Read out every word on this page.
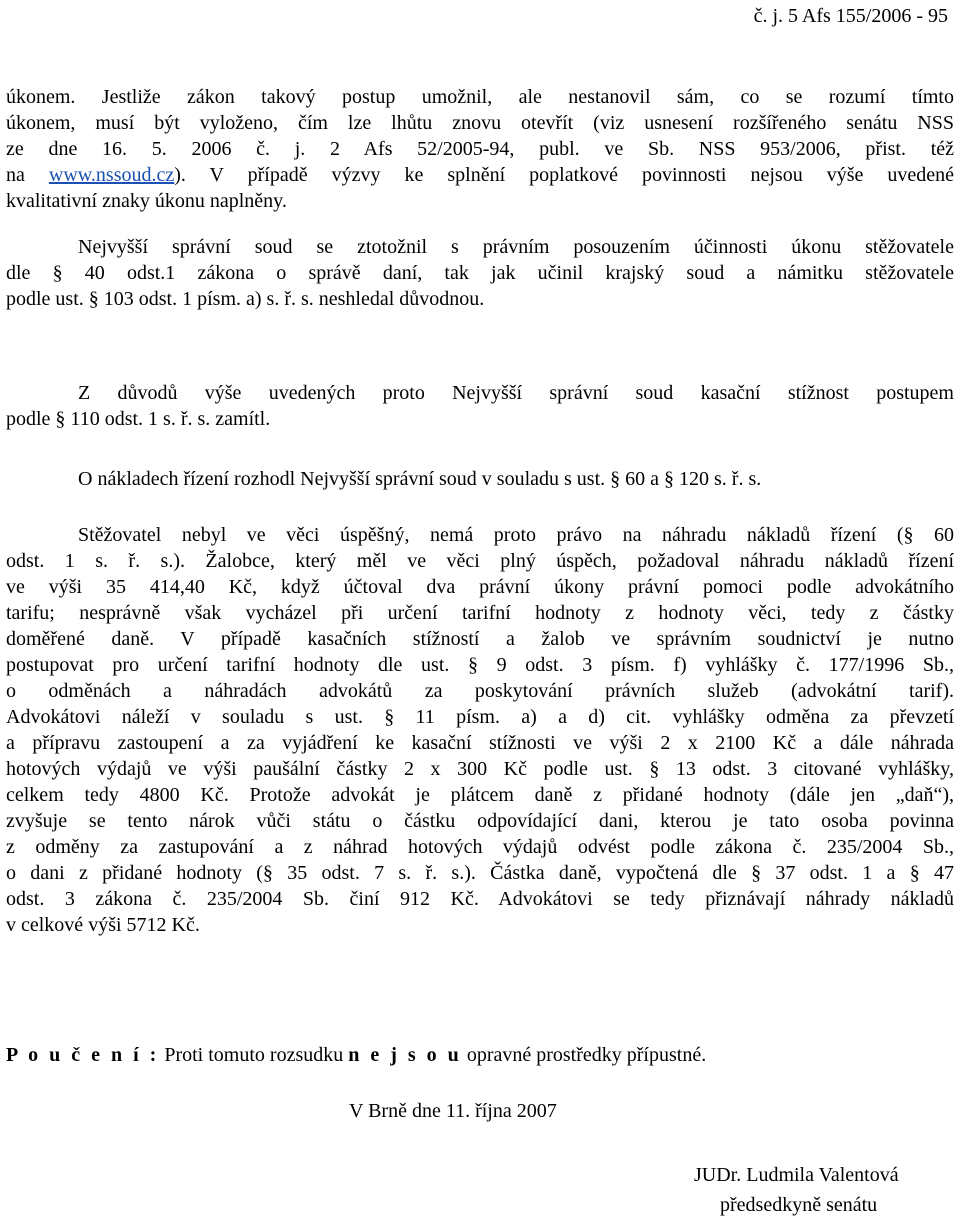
č. j. 5 Afs 155/2006 - 95
úkonem. Jestliže zákon takový postup umožnil, ale nestanovil sám, co se rozumí tímto
úkonem, musí být vyloženo, čím lze lhůtu znovu otevřít (viz usnesení rozšířeného senátu NSS
ze dne 16. 5. 2006 č. j. 2 Afs 52/2005-94, publ. ve Sb. NSS 953/2006, přist. též
na www.nssoud.cz). V případě výzvy ke splnění poplatkové povinnosti nejsou výše uvedené
kvalitativní znaky úkonu naplněny.
Nejvyšší správní soud se ztotožnil s právním posouzením účinnosti úkonu stěžovatele
dle § 40 odst.1 zákona o správě daní, tak jak učinil krajský soud a námitku stěžovatele
podle ust. § 103 odst. 1 písm. a) s. ř. s. neshledal důvodnou.
Z důvodů výše uvedených proto Nejvyšší správní soud kasační stížnost postupem
podle § 110 odst. 1 s. ř. s. zamítl.
O nákladech řízení rozhodl Nejvyšší správní soud v souladu s ust. § 60 a § 120 s. ř. s.
Stěžovatel nebyl ve věci úspěšný, nemá proto právo na náhradu nákladů řízení (§ 60
odst. 1 s. ř. s.). Žalobce, který měl ve věci plný úspěch, požadoval náhradu nákladů řízení
ve výši 35 414,40 Kč, když účtoval dva právní úkony právní pomoci podle advokátního
tarifu; nesprávně však vycházel při určení tarifní hodnoty z hodnoty věci, tedy z částky
doměřené daně. V případě kasačních stížností a žalob ve správním soudnictví je nutno
postupovat pro určení tarifní hodnoty dle ust. § 9 odst. 3 písm. f) vyhlášky č. 177/1996 Sb.,
o odměnách a náhradách advokátů za poskytování právních služeb (advokátní tarif).
Advokátovi náleží v souladu s ust. § 11 písm. a) a d) cit. vyhlášky odměna za převzetí
a přípravu zastoupení a za vyjádření ke kasační stížnosti ve výši 2 x 2100 Kč a dále náhrada
hotových výdajů ve výši paušální částky 2 x 300 Kč podle ust. § 13 odst. 3 citované vyhlášky,
celkem tedy 4800 Kč. Protože advokát je plátcem daně z přidané hodnoty (dále jen „daň“),
zvyšuje se tento nárok vůči státu o částku odpovídající dani, kterou je tato osoba povinna
z odměny za zastupování a z náhrad hotových výdajů odvést podle zákona č. 235/2004 Sb.,
o dani z přidané hodnoty (§ 35 odst. 7 s. ř. s.). Částka daně, vypočtená dle § 37 odst. 1 a § 47
odst. 3 zákona č. 235/2004 Sb. činí 912 Kč. Advokátovi se tedy přiznávají náhrady nákladů
v celkové výši 5712 Kč.
P o u č e n í : Proti tomuto rozsudku n e j s o u opravné prostředky přípustné.
V Brně dne 11. října 2007
JUDr. Ludmila Valentová
předsedkyně senátu
